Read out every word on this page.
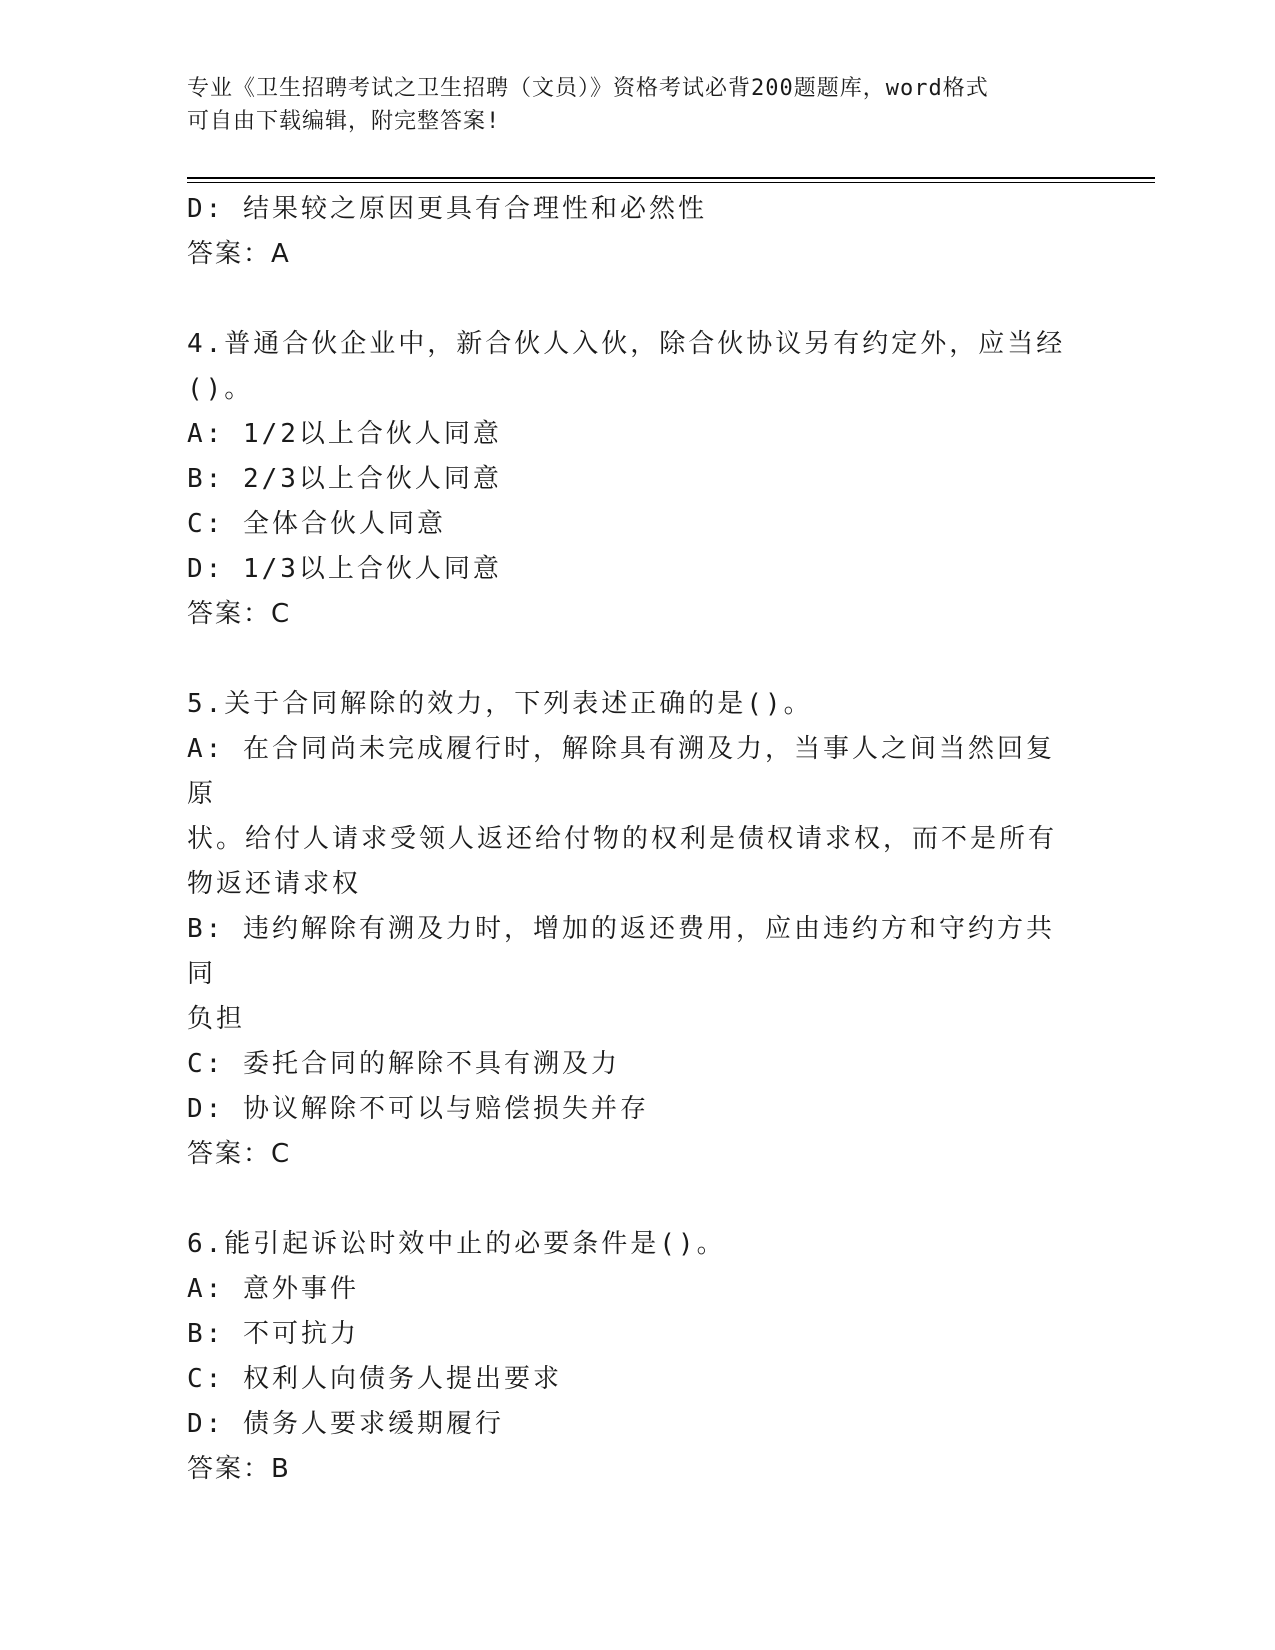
专业《卫生招聘考试之卫生招聘（文员）》资格考试必背200题题库，word格式
可自由下载编辑，附完整答案!
D: 结果较之原因更具有合理性和必然性
答案：A
4.普通合伙企业中，新合伙人入伙，除合伙协议另有约定外，应当经
()。
A: 1/2以上合伙人同意
B: 2/3以上合伙人同意
C: 全体合伙人同意
D: 1/3以上合伙人同意
答案：C
5.关于合同解除的效力，下列表述正确的是()。
A: 在合同尚未完成履行时，解除具有溯及力，当事人之间当然回复原
状。给付人请求受领人返还给付物的权利是债权请求权，而不是所有
物返还请求权
B: 违约解除有溯及力时，增加的返还费用，应由违约方和守约方共同
负担
C: 委托合同的解除不具有溯及力
D: 协议解除不可以与赔偿损失并存
答案：C
6.能引起诉讼时效中止的必要条件是()。
A: 意外事件
B: 不可抗力
C: 权利人向债务人提出要求
D: 债务人要求缓期履行
答案：B
